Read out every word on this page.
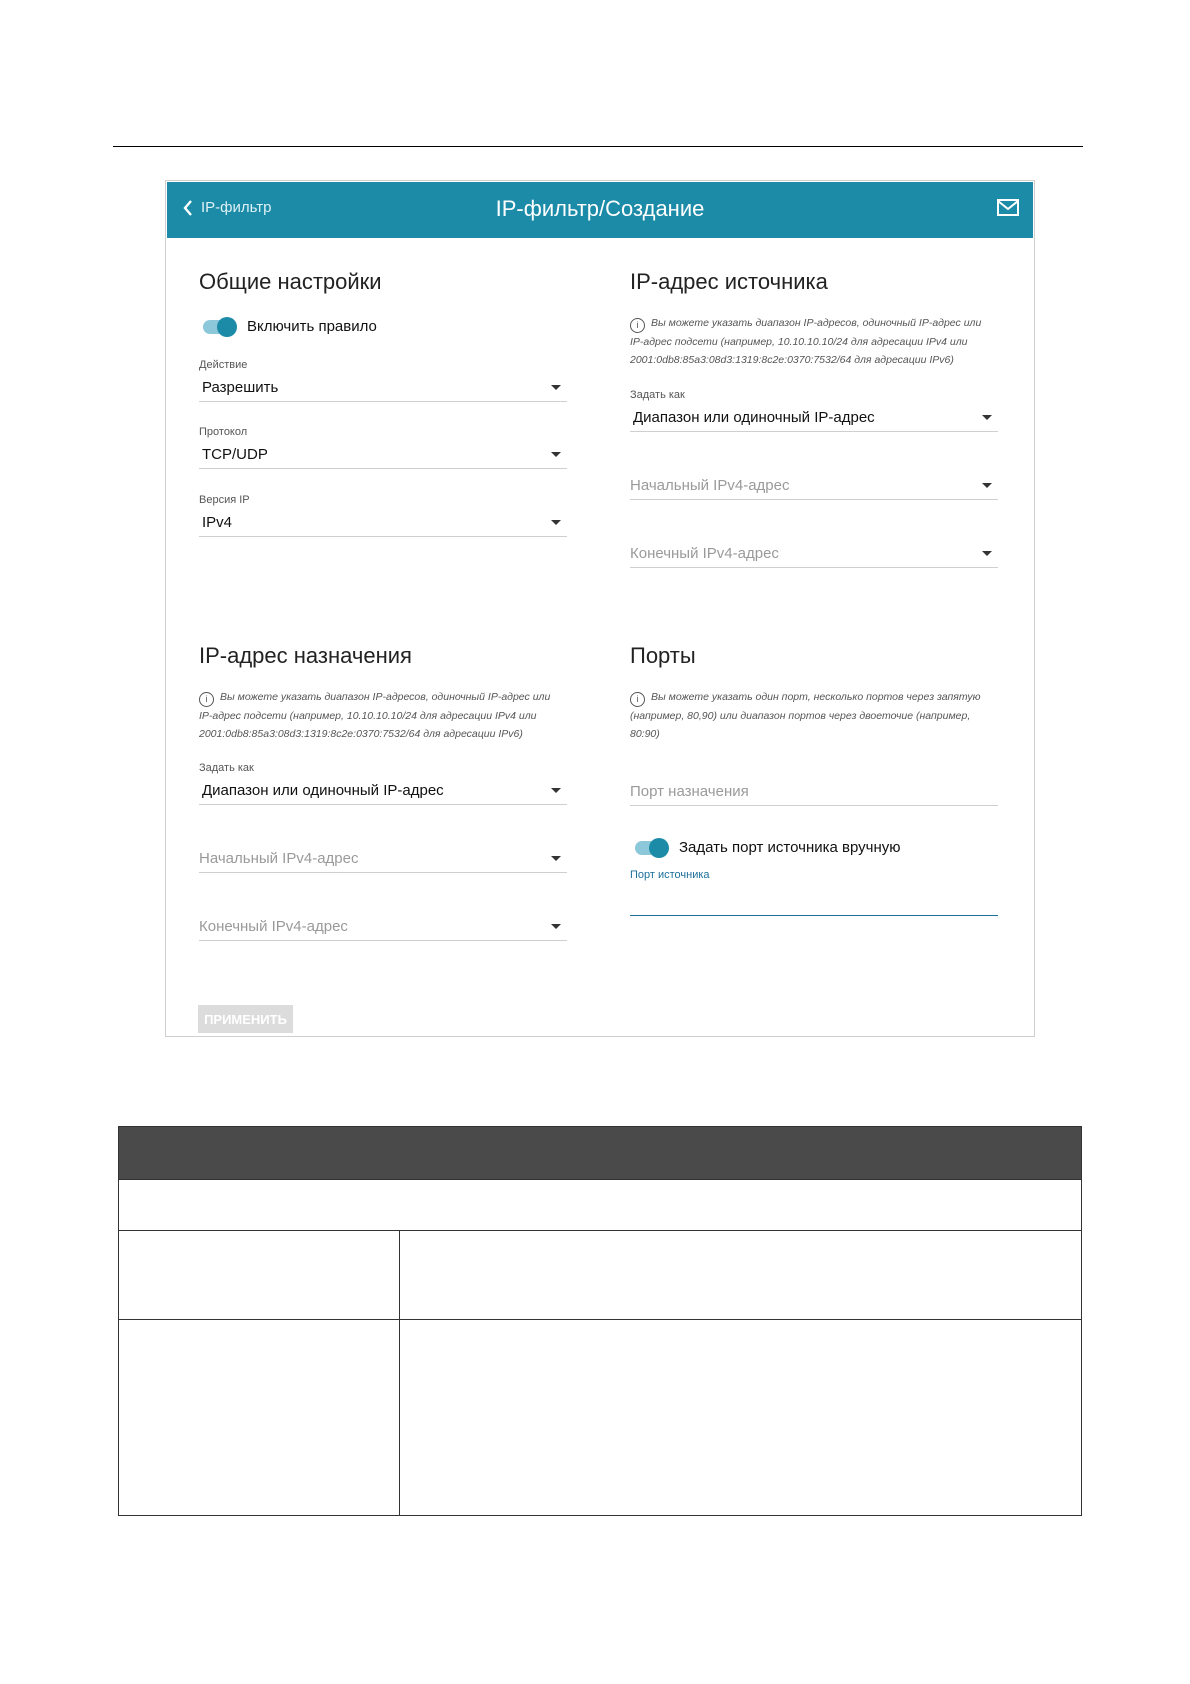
IP-фильтр	IP-фильтр/Создание
Общие настройки
Включить правило
Действие
Разрешить
Протокол
TCP/UDP
Версия IP
IPv4
IP-адрес источника
i Вы можете указать диапазон IP-адресов, одиночный IP-адрес или
IP-адрес подсети (например, 10.10.10.10/24 для адресации IPv4 или
2001:0db8:85a3:08d3:1319:8c2e:0370:7532/64 для адресации IPv6)
Задать как
Диапазон или одиночный IP-адрес
Начальный IPv4-адрес
Конечный IPv4-адрес
IP-адрес назначения
i Вы можете указать диапазон IP-адресов, одиночный IP-адрес или
IP-адрес подсети (например, 10.10.10.10/24 для адресации IPv4 или
2001:0db8:85a3:08d3:1319:8c2e:0370:7532/64 для адресации IPv6)
Задать как
Диапазон или одиночный IP-адрес
Начальный IPv4-адрес
Конечный IPv4-адрес
Порты
i Вы можете указать один порт, несколько портов через запятую
(например, 80,90) или диапазон портов через двоеточие (например,
80:90)
Порт назначения
Задать порт источника вручную
Порт источника
ПРИМЕНИТЬ
